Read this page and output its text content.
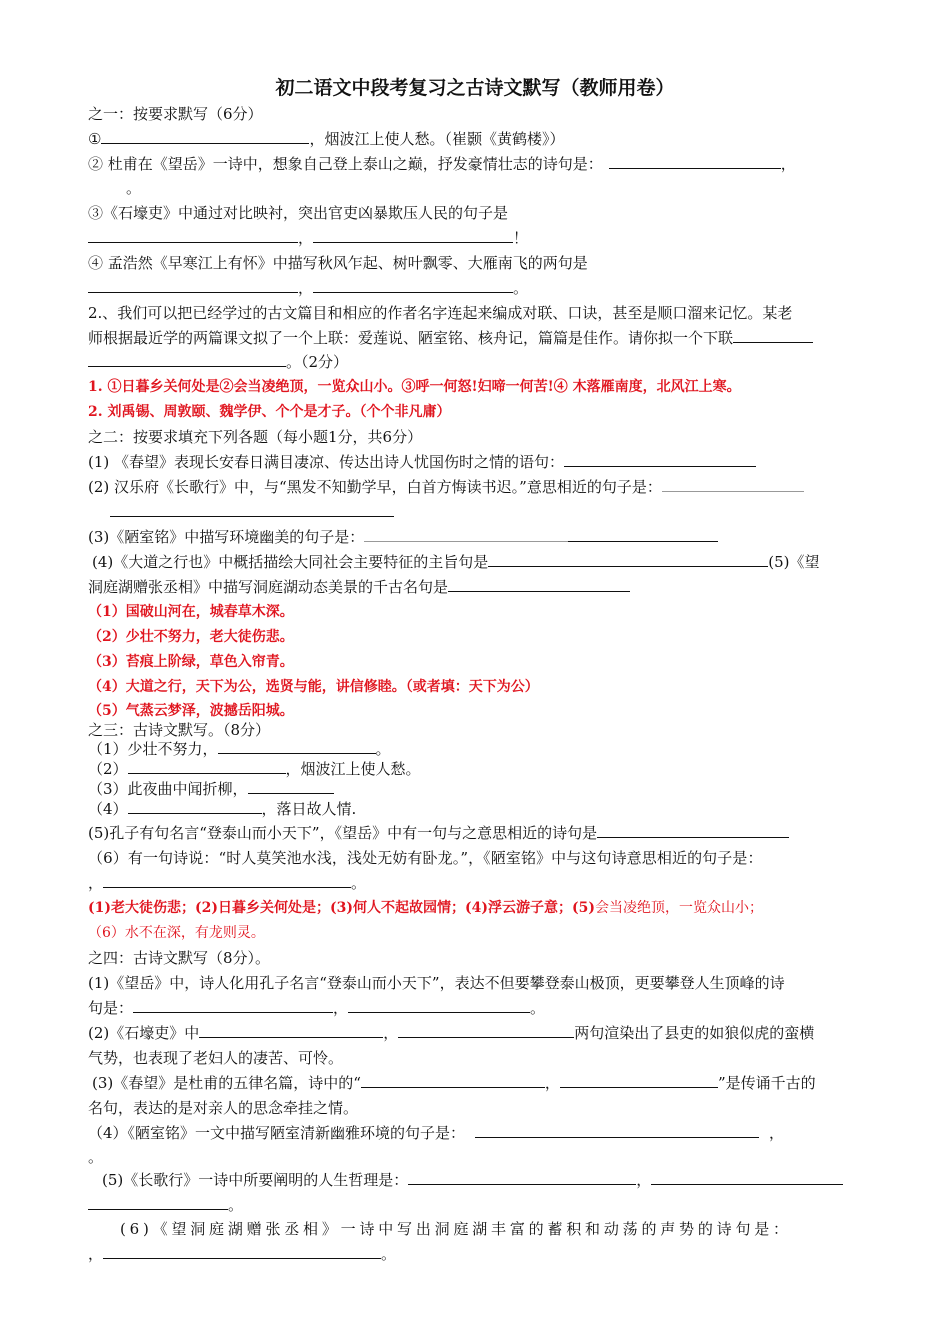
初二语文中段考复习之古诗文默写（教师用卷）
之一：按要求默写（6分）
①	，烟波江上使人愁。（崔颢《黄鹤楼》）
② 杜甫在《望岳》一诗中，想象自己登上泰山之巅，抒发豪情壮志的诗句是：	，
。
③《石壕吏》中通过对比映衬，突出官吏凶暴欺压人民的句子是
，	！
④ 孟浩然《早寒江上有怀》中描写秋风乍起、树叶飘零、大雁南飞的两句是
，	。
2.、我们可以把已经学过的古文篇目和相应的作者名字连起来编成对联、口诀，甚至是顺口溜来记忆。某老
师根据最近学的两篇课文拟了一个上联：爱莲说、陋室铭、核舟记，篇篇是佳作。请你拟一个下联
。（2分）
1. ①日暮乡关何处是②会当凌绝顶，一览众山小。③呼一何怒!妇啼一何苦!④ 木落雁南度，北风江上寒。
2. 刘禹锡、周敦颐、魏学伊、个个是才子。（个个非凡庸）
之二：按要求填充下列各题（每小题1分，共6分）
(1) 《春望》表现长安春日满目凄凉、传达出诗人忧国伤时之情的语句：
(2) 汉乐府《长歌行》中，与“黑发不知勤学早，白首方悔读书迟。”意思相近的句子是：
(3)《陋室铭》中描写环境幽美的句子是：
(4)《大道之行也》中概括描绘大同社会主要特征的主旨句是	(5)《望
洞庭湖赠张丞相》中描写洞庭湖动态美景的千古名句是
（1）国破山河在，城春草木深。
（2）少壮不努力，老大徒伤悲。
（3）苔痕上阶绿，草色入帘青。
（4）大道之行，天下为公，选贤与能，讲信修睦。（或者填：天下为公）
（5）气蒸云梦泽，波撼岳阳城。
之三：古诗文默写。（8分）
（1）少壮不努力，	。
（2）	，烟波江上使人愁。
（3）此夜曲中闻折柳，
（4）	，落日故人情.
(5)孔子有句名言“登泰山而小天下”，《望岳》中有一句与之意思相近的诗句是
（6）有一句诗说：“时人莫笑池水浅，浅处无妨有卧龙。”，《陋室铭》中与这句诗意思相近的句子是：
，	。
(1)老大徒伤悲；(2)日暮乡关何处是；(3)何人不起故园情；(4)浮云游子意；(5)会当凌绝顶，一览众山小；
（6）水不在深，有龙则灵。
之四：古诗文默写（8分）。
(1)《望岳》中，诗人化用孔子名言“登泰山而小天下”，表达不但要攀登泰山极顶，更要攀登人生顶峰的诗
句是：	，	。
(2)《石壕吏》中	，	两句渲染出了县吏的如狼似虎的蛮横
气势，也表现了老妇人的凄苦、可怜。
(3)《春望》是杜甫的五律名篇，诗中的“	，	”是传诵千古的
名句，表达的是对亲人的思念牵挂之情。
（4）《陋室铭》一文中描写陋室清新幽雅环境的句子是：	，
。
(5)《长歌行》一诗中所要阐明的人生哲理是：	，
。
(6)《望洞庭湖赠张丞相》一诗中写出洞庭湖丰富的蓄积和动荡的声势的诗句是：
，	。
